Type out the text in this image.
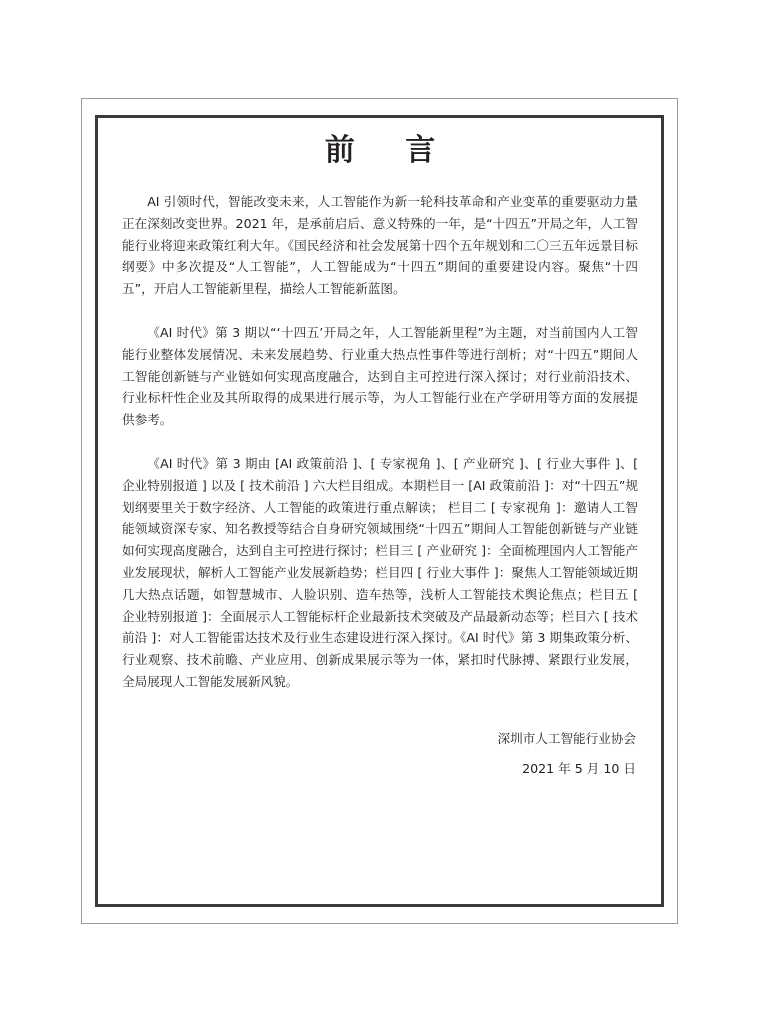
前 言

AI 引领时代，智能改变未来，人工智能作为新一轮科技革命和产业变革的重要驱动力量正在深刻改变世界。2021 年，是承前启后、意义特殊的一年，是“十四五”开局之年，人工智能行业将迎来政策红利大年。《国民经济和社会发展第十四个五年规划和二〇三五年远景目标纲要》中多次提及“人工智能”，人工智能成为“十四五”期间的重要建设内容。聚焦“十四五”，开启人工智能新里程，描绘人工智能新蓝图。

《AI 时代》第 3 期以“‘十四五’开局之年，人工智能新里程”为主题，对当前国内人工智能行业整体发展情况、未来发展趋势、行业重大热点性事件等进行剖析；对“十四五”期间人工智能创新链与产业链如何实现高度融合，达到自主可控进行深入探讨；对行业前沿技术、行业标杆性企业及其所取得的成果进行展示等，为人工智能行业在产学研用等方面的发展提供参考。

《AI 时代》第 3 期由 [AI 政策前沿 ]、[ 专家视角 ]、[ 产业研究 ]、[ 行业大事件 ]、[ 企业特别报道 ] 以及 [ 技术前沿 ] 六大栏目组成。本期栏目一 [AI 政策前沿 ]：对“十四五”规划纲要里关于数字经济、人工智能的政策进行重点解读； 栏目二 [ 专家视角 ]：邀请人工智能领域资深专家、知名教授等结合自身研究领域围绕“十四五”期间人工智能创新链与产业链如何实现高度融合，达到自主可控进行探讨；栏目三 [ 产业研究 ]：全面梳理国内人工智能产业发展现状，解析人工智能产业发展新趋势；栏目四 [ 行业大事件 ]：聚焦人工智能领域近期几大热点话题，如智慧城市、人脸识别、造车热等，浅析人工智能技术舆论焦点；栏目五 [ 企业特别报道 ]：全面展示人工智能标杆企业最新技术突破及产品最新动态等；栏目六 [ 技术前沿 ]：对人工智能雷达技术及行业生态建设进行深入探讨。《AI 时代》第 3 期集政策分析、行业观察、技术前瞻、产业应用、创新成果展示等为一体，紧扣时代脉搏、紧跟行业发展，全局展现人工智能发展新风貌。

深圳市人工智能行业协会
2021 年 5 月 10 日
